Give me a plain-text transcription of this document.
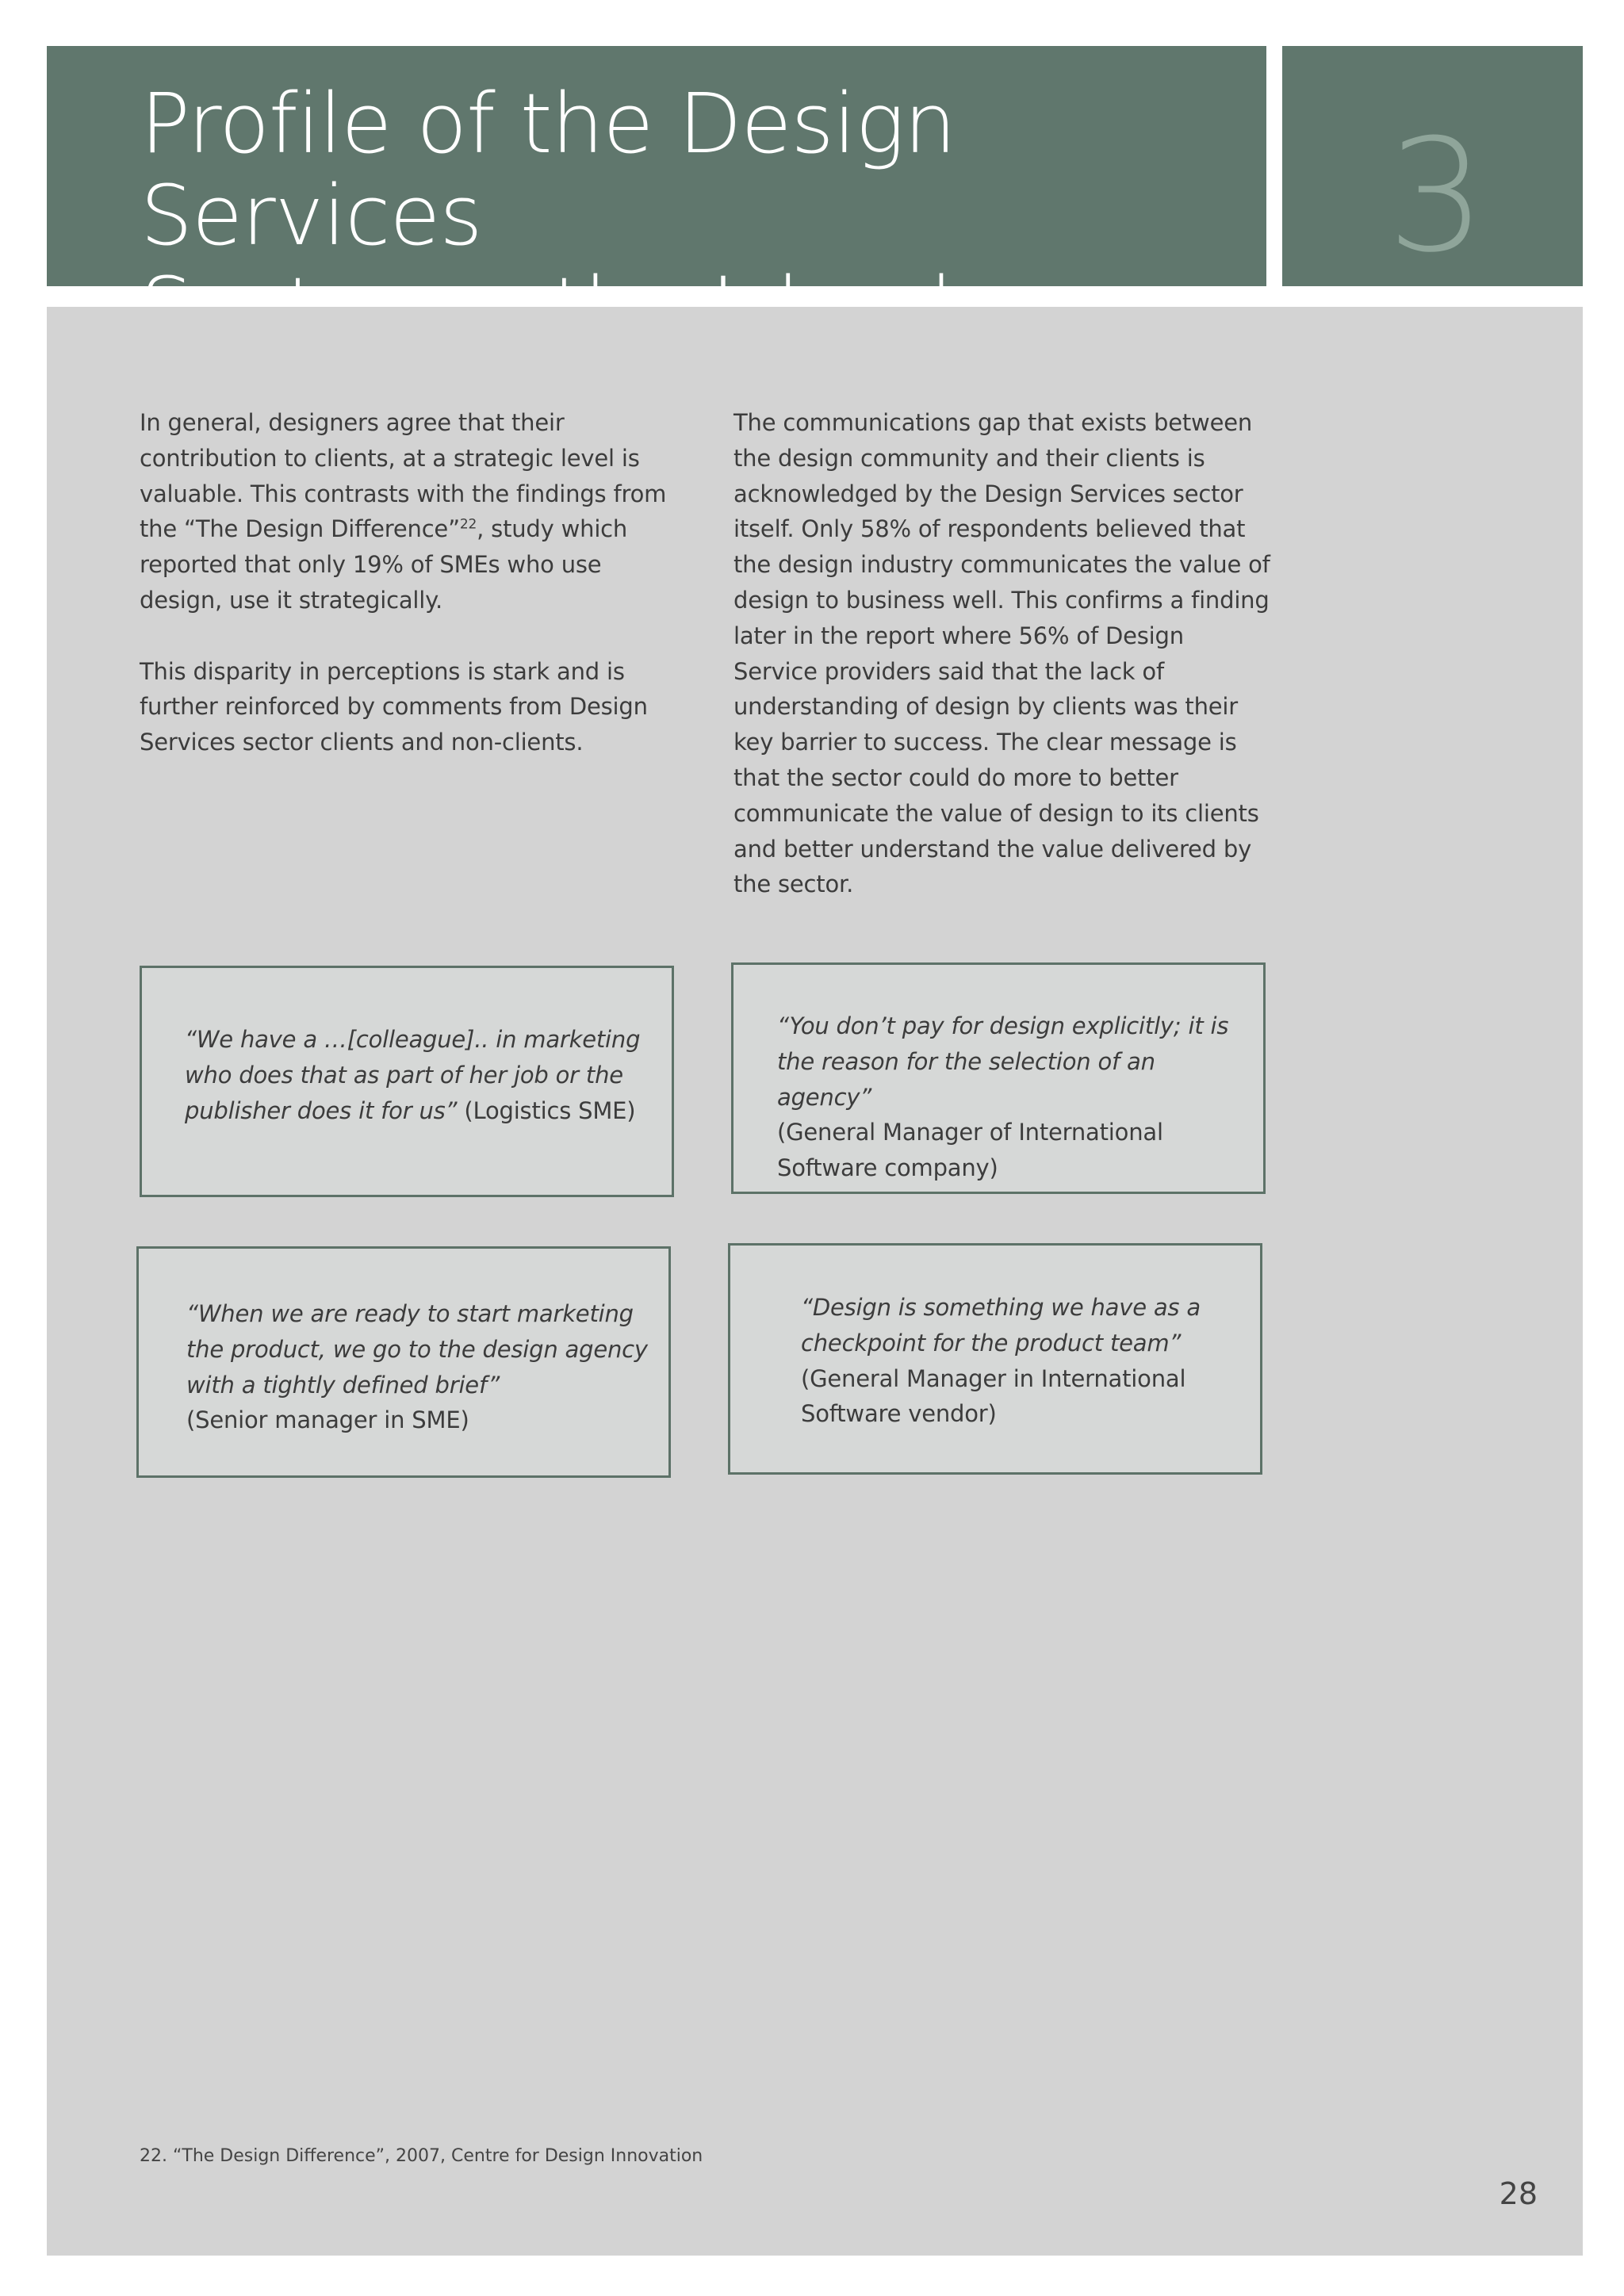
Profile of the Design Services	3

In general, designers agree that their contribution to clients, at a strategic level is valuable. This contrasts with the findings from the “The Design Difference”$^{22}$, study which reported that only 19% of SMEs who use design, use it strategically.

This disparity in perceptions is stark and is further reinforced by comments from Design Services sector clients and non-clients.

The communications gap that exists between the design community and their clients is acknowledged by the Design Services sector itself. Only 58% of respondents believed that the design industry communicates the value of design to business well. This confirms a finding later in the report where 56% of Design Service providers said that the lack of understanding of design by clients was their key barrier to success. The clear message is that the sector could do more to better communicate the value of design to its clients and better understand the value delivered by the sector.

“We have a …[colleague].. in marketing who does that as part of her job or the publisher does it for us” (Logistics SME)
“You don’t pay for design explicitly; it is the reason for the selection of an agency”
(General Manager of International Software company)
“When we are ready to start marketing the product, we go to the design agency with a tightly defined brief”
(Senior manager in SME)
“Design is something we have as a checkpoint for the product team”
(General Manager in International Software vendor)
22. “The Design Difference”, 2007, Centre for Design Innovation
28
